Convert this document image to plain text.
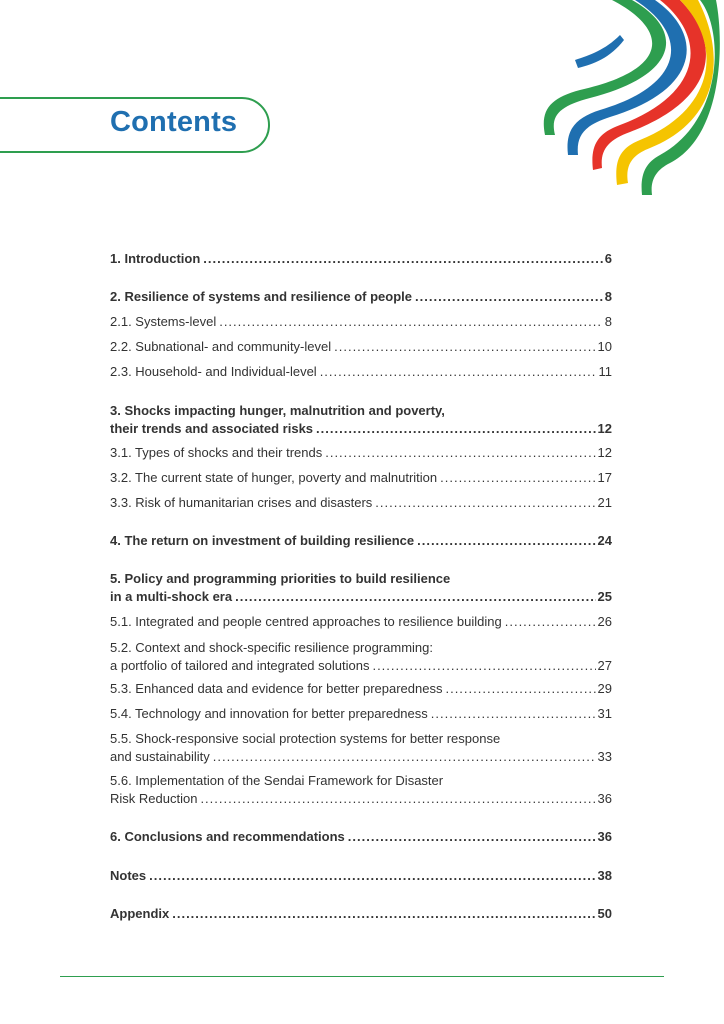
Contents
1. Introduction .....	6
2. Resilience of systems and resilience of people .....	8
2.1. Systems-level .....	8
2.2. Subnational- and community-level .....	10
2.3. Household- and Individual-level .....	11
3. Shocks impacting hunger, malnutrition and poverty,
their trends and associated risks .....	12
3.1. Types of shocks and their trends .....	12
3.2. The current state of hunger, poverty and malnutrition .....	17
3.3. Risk of humanitarian crises and disasters .....	21
4. The return on investment of building resilience .....	24
5. Policy and programming priorities to build resilience
in a multi-shock era .....	25
5.1. Integrated and people centred approaches to resilience building .....	26
5.2. Context and shock-specific resilience programming:
a portfolio of tailored and integrated solutions .....	27
5.3. Enhanced data and evidence for better preparedness .....	29
5.4. Technology and innovation for better preparedness .....	31
5.5. Shock-responsive social protection systems for better response
and sustainability .....	33
5.6. Implementation of the Sendai Framework for Disaster
Risk Reduction .....	36
6. Conclusions and recommendations .....	36
Notes .....	38
Appendix .....	50
